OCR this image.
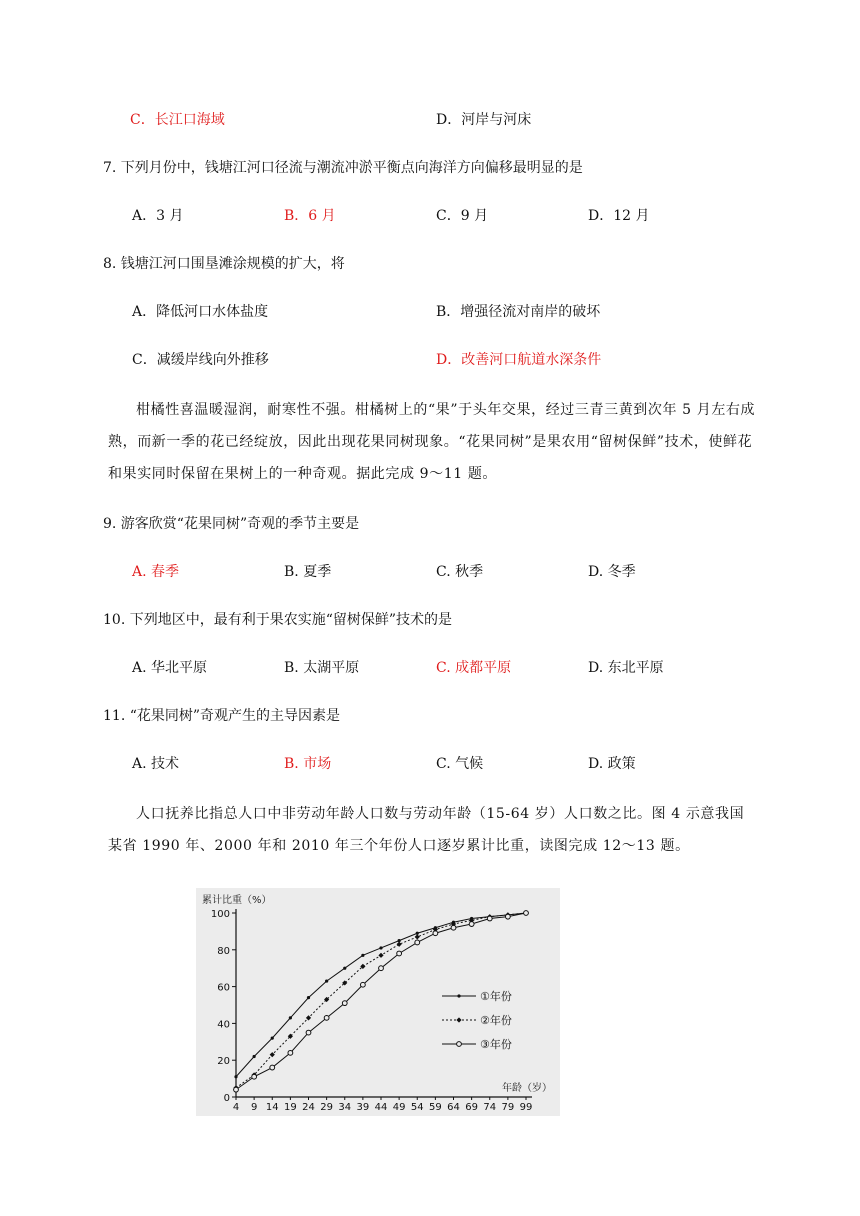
C．长江口海域	D．河岸与河床
7. 下列月份中，钱塘江河口径流与潮流冲淤平衡点向海洋方向偏移最明显的是
A．3 月	B．6 月	C．9 月	D．12 月
8. 钱塘江河口围垦滩涂规模的扩大，将
A．降低河口水体盐度	B．增强径流对南岸的破坏
C．减缓岸线向外推移	D．改善河口航道水深条件
柑橘性喜温暖湿润，耐寒性不强。柑橘树上的“果”于头年交果，经过三青三黄到次年 5 月左右成熟，而新一季的花已经绽放，因此出现花果同树现象。“花果同树”是果农用“留树保鲜”技术，使鲜花和果实同时保留在果树上的一种奇观。据此完成 9～11 题。
9. 游客欣赏“花果同树”奇观的季节主要是
A. 春季	B. 夏季	C. 秋季	D. 冬季
10. 下列地区中，最有利于果农实施“留树保鲜”技术的是
A. 华北平原	B. 太湖平原	C. 成都平原	D. 东北平原
11. “花果同树”奇观产生的主导因素是
A. 技术	B. 市场	C. 气候	D. 政策
人口抚养比指总人口中非劳动年龄人口数与劳动年龄（15-64 岁）人口数之比。图 4 示意我国某省 1990 年、2000 年和 2010 年三个年份人口逐岁累计比重，读图完成 12～13 题。
累计比重（%）
年龄（岁）
0
20
40
60
80
100
4 9 14 19 24 29 34 39 44 49 54 59 64 69 74 79 99
①年份
②年份
③年份
